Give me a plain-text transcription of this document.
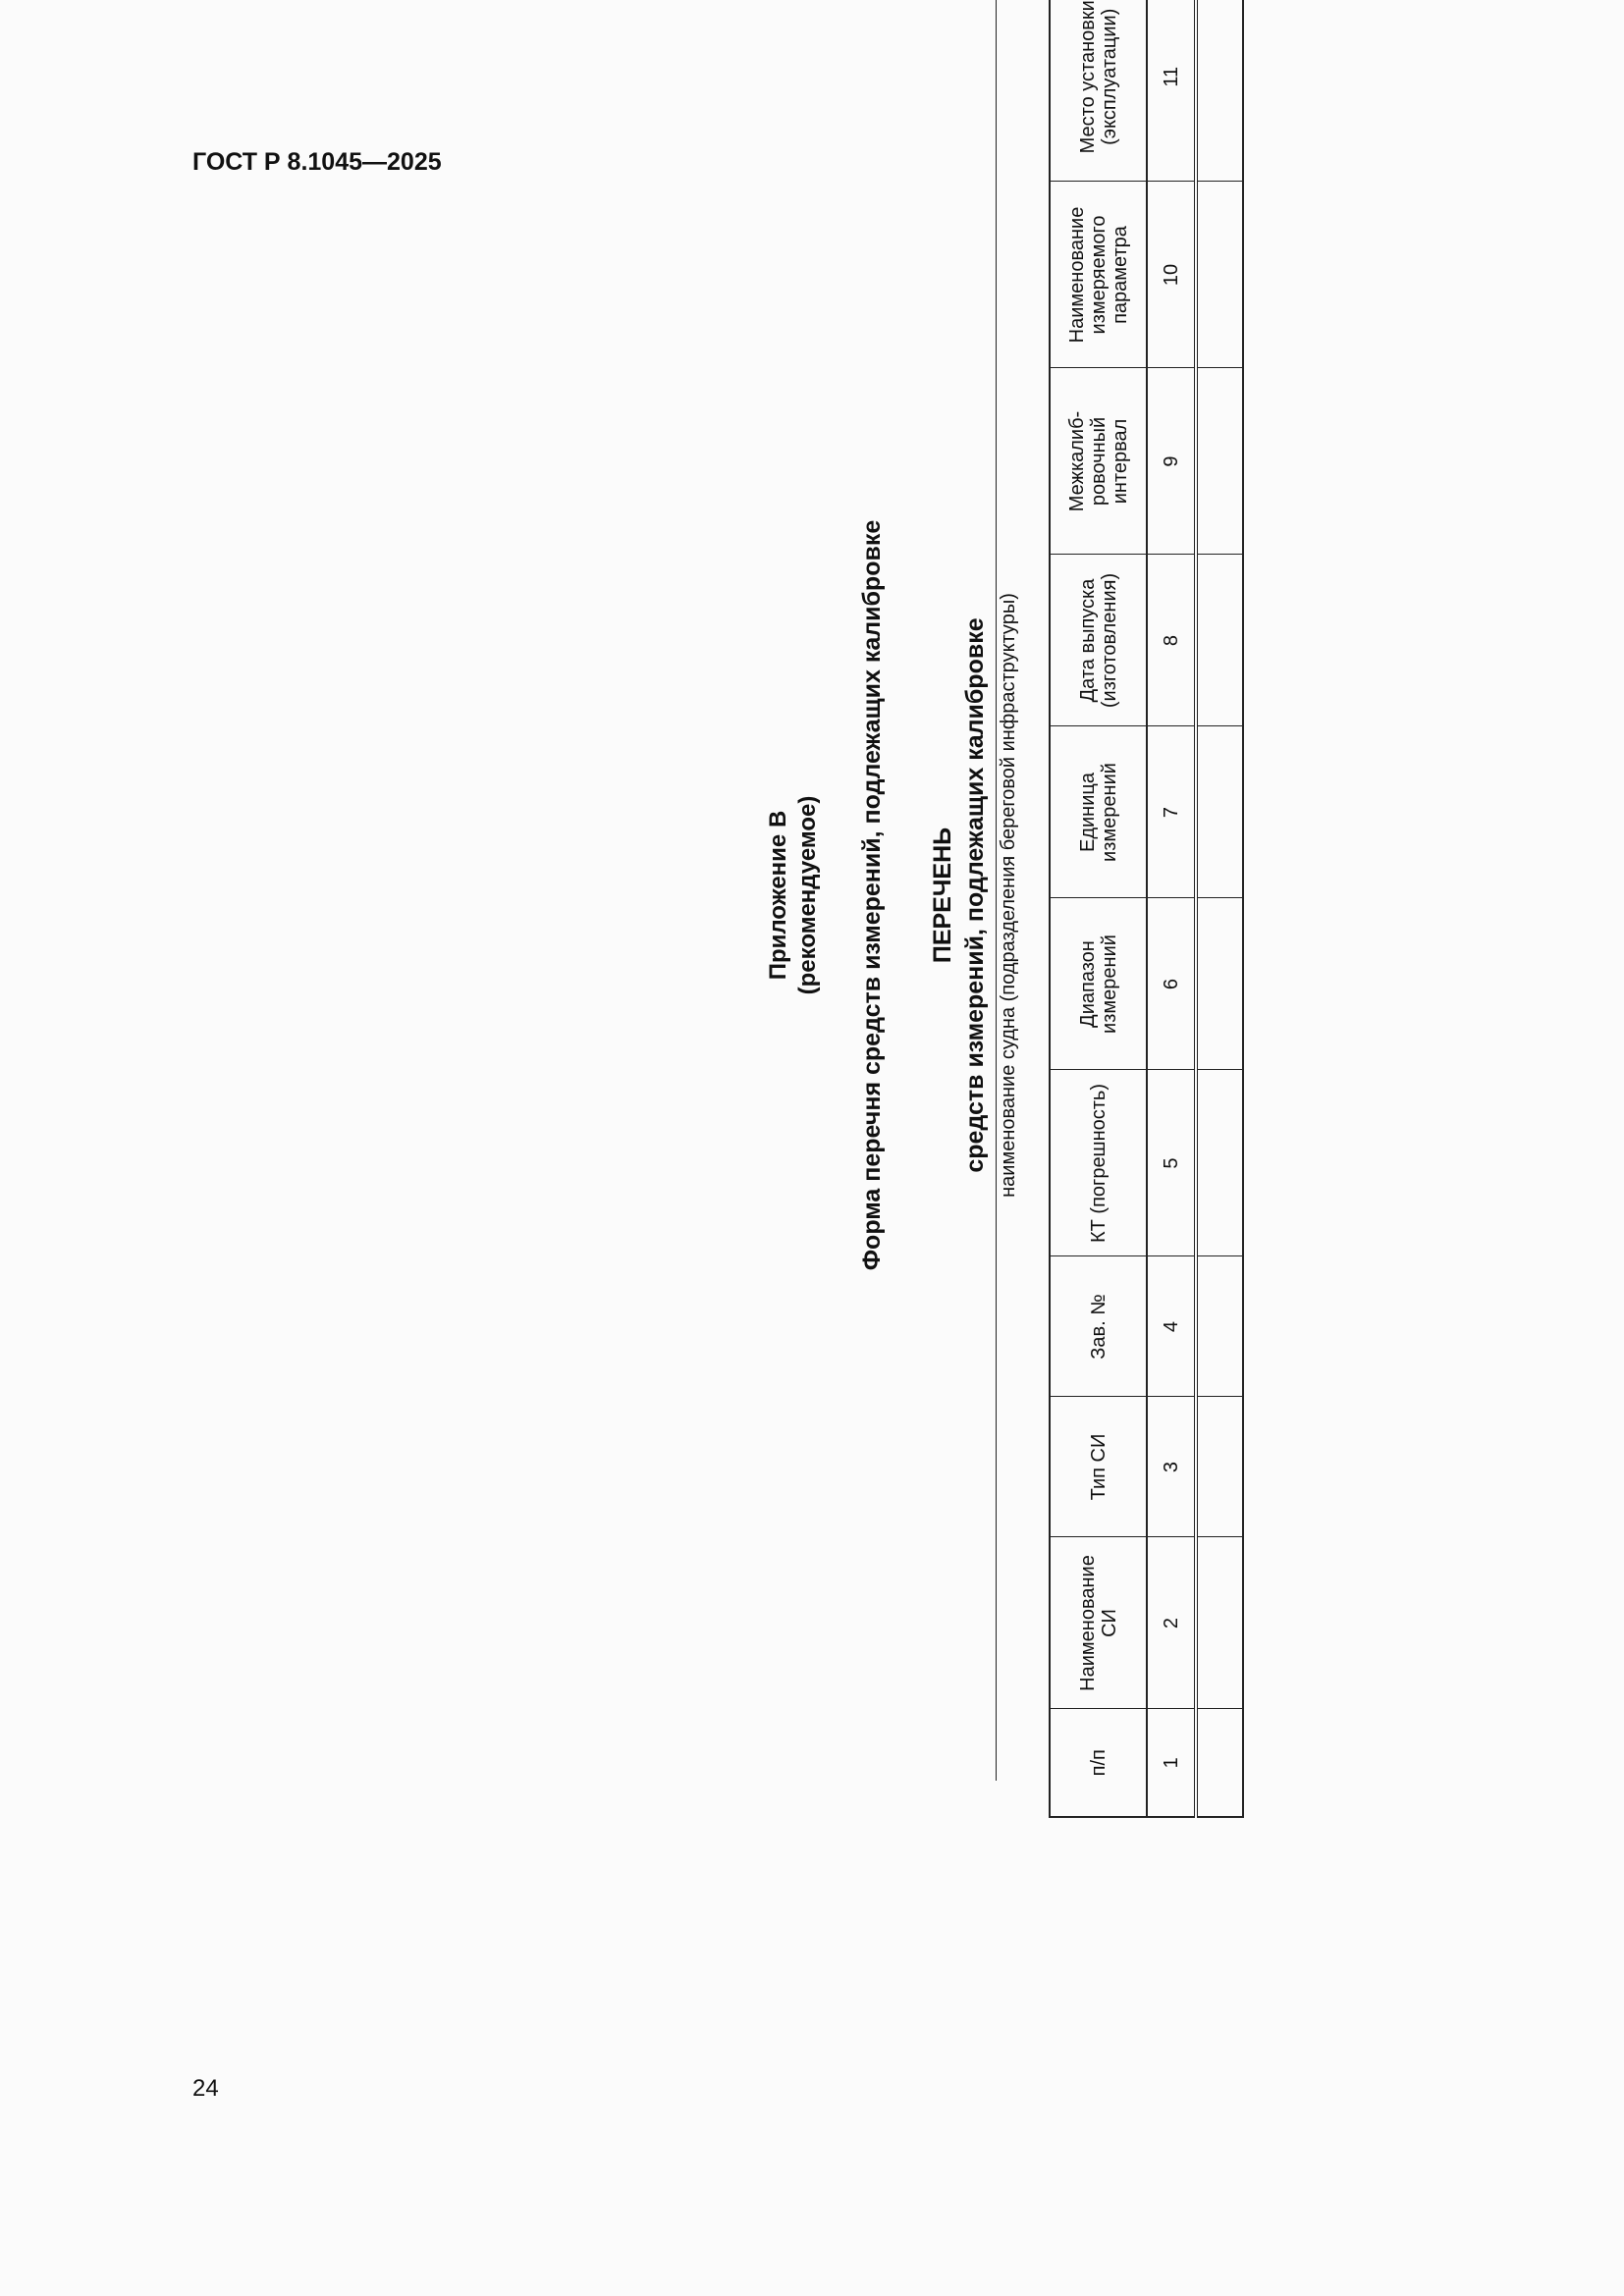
ГОСТ Р 8.1045—2025
Приложение В (рекомендуемое) Форма перечня средств измерений, подлежащих калибровке ПЕРЕЧЕНЬ средств измерений, подлежащих калибровке наименование судна (подразделения береговой инфраструктуры)
п/п	Наименование СИ	Тип СИ	Зав. №	КТ (погрешность)	Диапазон измерений	Единица измерений	Дата выпуска (изготовления)	Межкалиб-ровочный интервал	Наименование измеряемого параметра	Место установки (эксплуатации)
1	2	3	4	5	6	7	8	9	10	11

24
